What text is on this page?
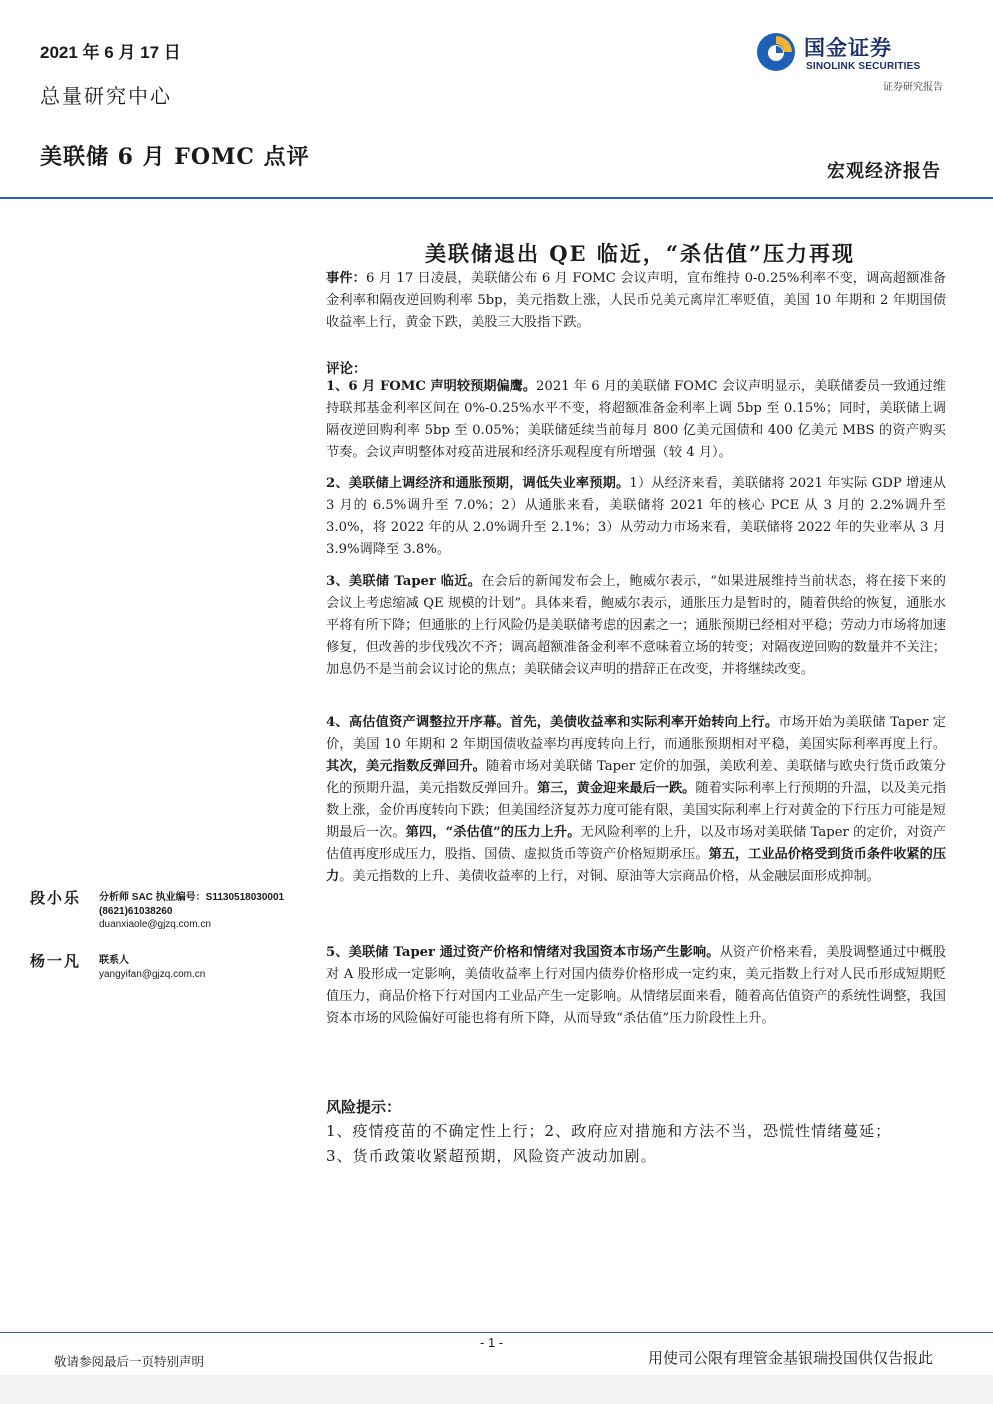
2021 年 6 月 17 日
总量研究中心
美联储 6 月 FOMC 点评
国金证券
SINOLINK SECURITIES
证券研究报告
宏观经济报告
美联储退出 QE 临近，“杀估值”压力再现
事件：6 月 17 日凌晨，美联储公布 6 月 FOMC 会议声明，宣布维持 0-0.25%利率不变，调高超额准备金利率和隔夜逆回购利率 5bp，美元指数上涨，人民币兑美元离岸汇率贬值，美国 10 年期和 2 年期国债收益率上行，黄金下跌，美股三大股指下跌。
评论：
1、6 月 FOMC 声明较预期偏鹰。2021 年 6 月的美联储 FOMC 会议声明显示，美联储委员一致通过维持联邦基金利率区间在 0%-0.25%水平不变，将超额准备金利率上调 5bp 至 0.15%；同时，美联储上调隔夜逆回购利率 5bp 至 0.05%；美联储延续当前每月 800 亿美元国债和 400 亿美元 MBS 的资产购买节奏。会议声明整体对疫苗进展和经济乐观程度有所增强（较 4 月）。
2、美联储上调经济和通胀预期，调低失业率预期。1）从经济来看，美联储将 2021 年实际 GDP 增速从 3 月的 6.5%调升至 7.0%；2）从通胀来看，美联储将 2021 年的核心 PCE 从 3 月的 2.2%调升至 3.0%，将 2022 年的从 2.0%调升至 2.1%；3）从劳动力市场来看，美联储将 2022 年的失业率从 3 月 3.9%调降至 3.8%。
3、美联储 Taper 临近。在会后的新闻发布会上，鲍威尔表示，“如果进展维持当前状态，将在接下来的会议上考虑缩减 QE 规模的计划”。具体来看，鲍威尔表示，通胀压力是暂时的，随着供给的恢复，通胀水平将有所下降；但通胀的上行风险仍是美联储考虑的因素之一；通胀预期已经相对平稳；劳动力市场将加速修复，但改善的步伐残次不齐；调高超额准备金利率不意味着立场的转变；对隔夜逆回购的数量并不关注；加息仍不是当前会议讨论的焦点；美联储会议声明的措辞正在改变，并将继续改变。
4、高估值资产调整拉开序幕。首先，美债收益率和实际利率开始转向上行。市场开始为美联储 Taper 定价，美国 10 年期和 2 年期国债收益率均再度转向上行，而通胀预期相对平稳，美国实际利率再度上行。其次，美元指数反弹回升。随着市场对美联储 Taper 定价的加强，美欧利差、美联储与欧央行货币政策分化的预期升温，美元指数反弹回升。第三，黄金迎来最后一跌。随着实际利率上行预期的升温，以及美元指数上涨，金价再度转向下跌；但美国经济复苏力度可能有限，美国实际利率上行对黄金的下行压力可能是短期最后一次。第四，“杀估值”的压力上升。无风险利率的上升，以及市场对美联储 Taper 的定价，对资产估值再度形成压力，股指、国债、虚拟货币等资产价格短期承压。第五，工业品价格受到货币条件收紧的压力。美元指数的上升、美债收益率的上行，对铜、原油等大宗商品价格，从金融层面形成抑制。
5、美联储 Taper 通过资产价格和情绪对我国资本市场产生影响。从资产价格来看，美股调整通过中概股对 A 股形成一定影响，美债收益率上行对国内债券价格形成一定约束，美元指数上行对人民币形成短期贬值压力，商品价格下行对国内工业品产生一定影响。从情绪层面来看，随着高估值资产的系统性调整，我国资本市场的风险偏好可能也将有所下降，从而导致“杀估值”压力阶段性上升。
风险提示：
1、疫情疫苗的不确定性上行；2、政府应对措施和方法不当，恐慌性情绪蔓延；
3、货币政策收紧超预期，风险资产波动加剧。
段小乐 分析师 SAC 执业编号：S1130518030001
(8621)61038260
duanxiaole@gjzq.com.cn
杨一凡 联系人
yangyifan@gjzq.com.cn
- 1 -
敬请参阅最后一页特别声明	用使司公限有理管金基银瑞投国供仅告报此
